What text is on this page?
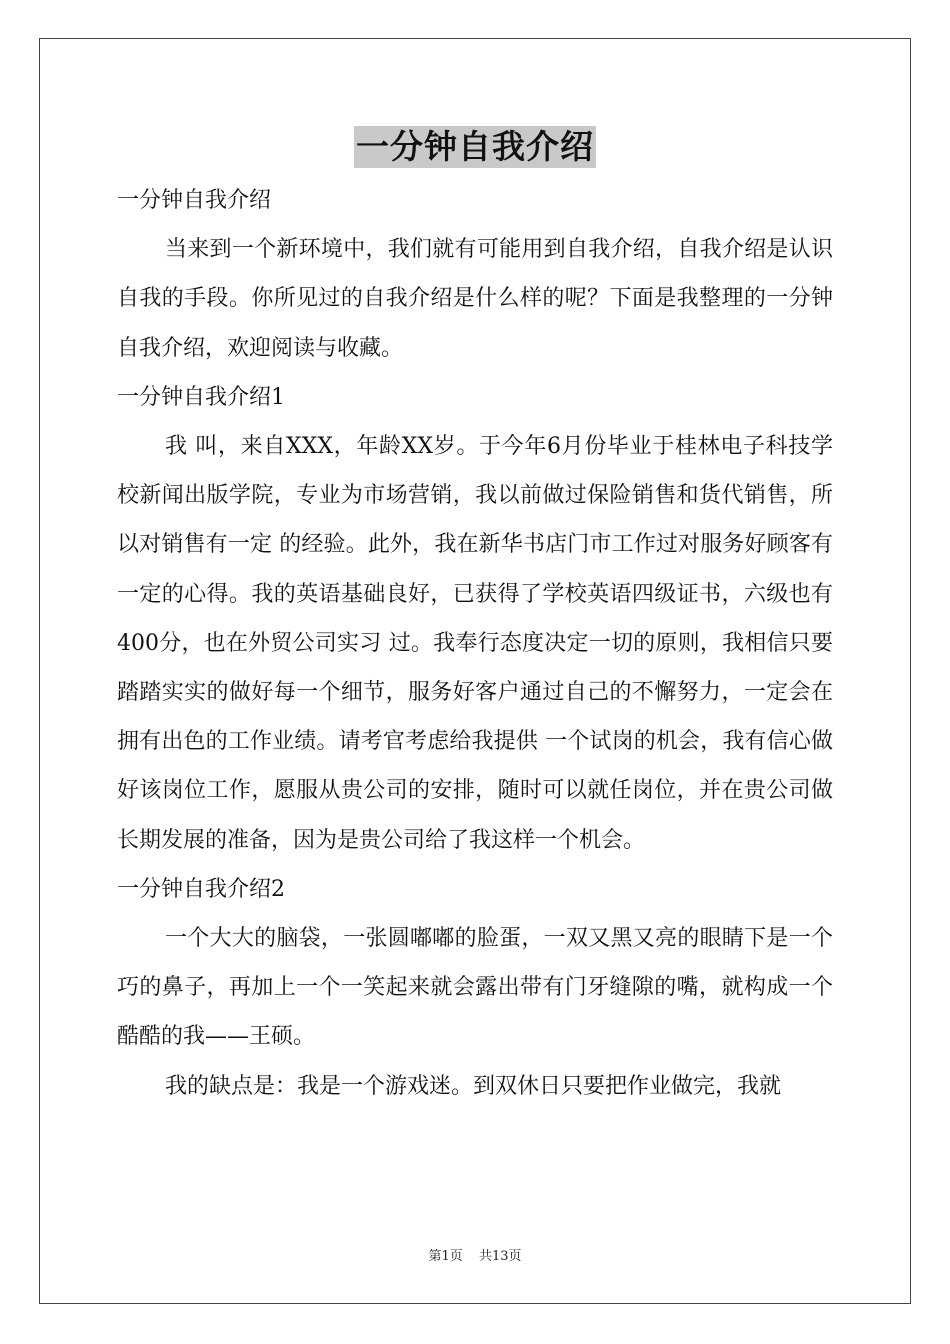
一分钟自我介绍
一分钟自我介绍

当来到一个新环境中，我们就有可能用到自我介绍，自我介绍是认识自我的手段。你所见过的自我介绍是什么样的呢？下面是我整理的一分钟自我介绍，欢迎阅读与收藏。

一分钟自我介绍1

我 叫，来自XXX，年龄XX岁。于今年6月份毕业于桂林电子科技学校新闻出版学院，专业为市场营销，我以前做过保险销售和货代销售，所以对销售有一定 的经验。此外，我在新华书店门市工作过对服务好顾客有一定的心得。我的英语基础良好，已获得了学校英语四级证书，六级也有400分，也在外贸公司实习 过。我奉行态度决定一切的原则，我相信只要踏踏实实的做好每一个细节，服务好客户通过自己的不懈努力，一定会在拥有出色的工作业绩。请考官考虑给我提供 一个试岗的机会，我有信心做好该岗位工作，愿服从贵公司的安排，随时可以就任岗位，并在贵公司做长期发展的准备，因为是贵公司给了我这样一个机会。

一分钟自我介绍2

一个大大的脑袋，一张圆嘟嘟的脸蛋，一双又黑又亮的眼睛下是一个巧的鼻子，再加上一个一笑起来就会露出带有门牙缝隙的嘴，就构成一个酷酷的我——王硕。

我的缺点是：我是一个游戏迷。到双休日只要把作业做完，我就

第1页 共13页
